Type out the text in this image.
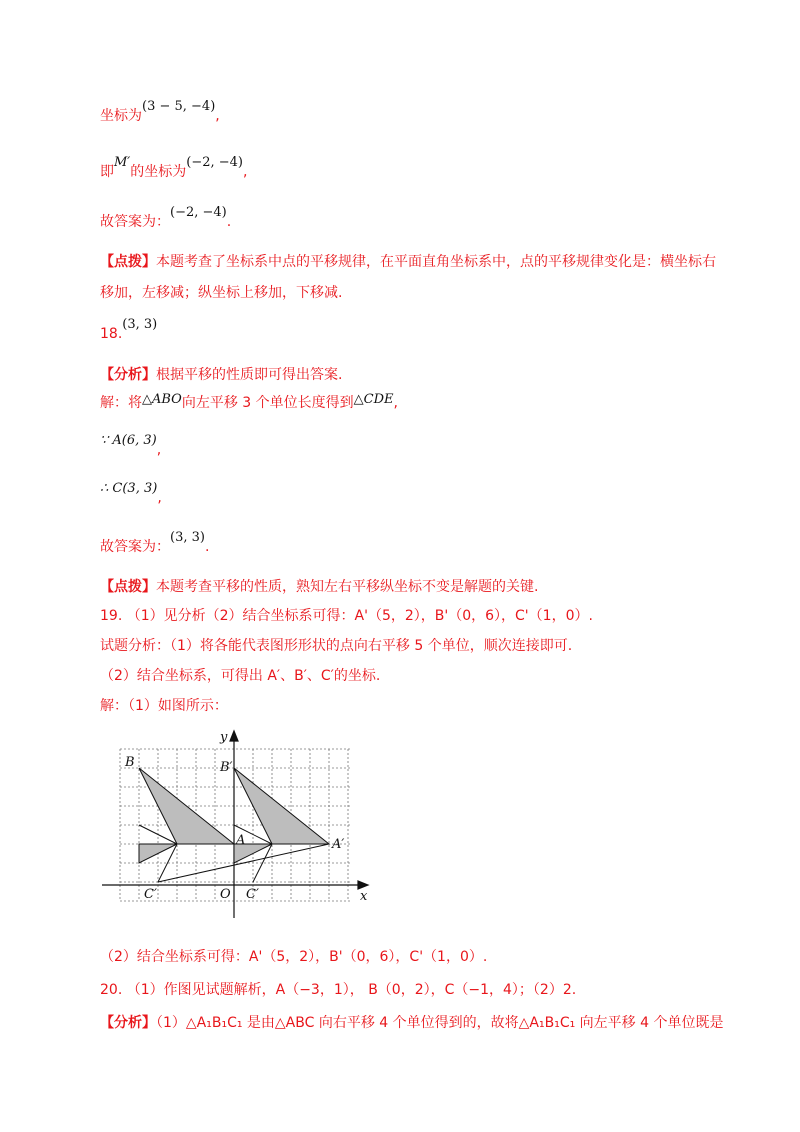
坐标为(3 − 5, −4),
即M′的坐标为(−2, −4),
故答案为：(−2, −4).
【点拨】本题考查了坐标系中点的平移规律，在平面直角坐标系中，点的平移规律变化是：横坐标右
移加，左移减；纵坐标上移加，下移减.
18.(3, 3)
【分析】根据平移的性质即可得出答案.
解：将△ABO向左平移 3 个单位长度得到△CDE,
∵ A(6, 3),
∴ C(3, 3),
故答案为：(3, 3).
【点拨】本题考查平移的性质，熟知左右平移纵坐标不变是解题的关键.
19. （1）见分析（2）结合坐标系可得：A'（5，2），B'（0，6），C'（1，0）.
试题分析：（1）将各能代表图形形状的点向右平移 5 个单位，顺次连接即可.
（2）结合坐标系，可得出 A′、B′、C′的坐标.
解：（1）如图所示：
y
x
B	B′
A	A′
C′	C′
O
（2）结合坐标系可得：A'（5，2），B'（0，6），C'（1，0）.
20. （1）作图见试题解析，A（−3，1）， B（0，2），C（−1，4）；（2）2.
【分析】（1）△A₁B₁C₁ 是由△ABC 向右平移 4 个单位得到的，故将△A₁B₁C₁ 向左平移 4 个单位既是
